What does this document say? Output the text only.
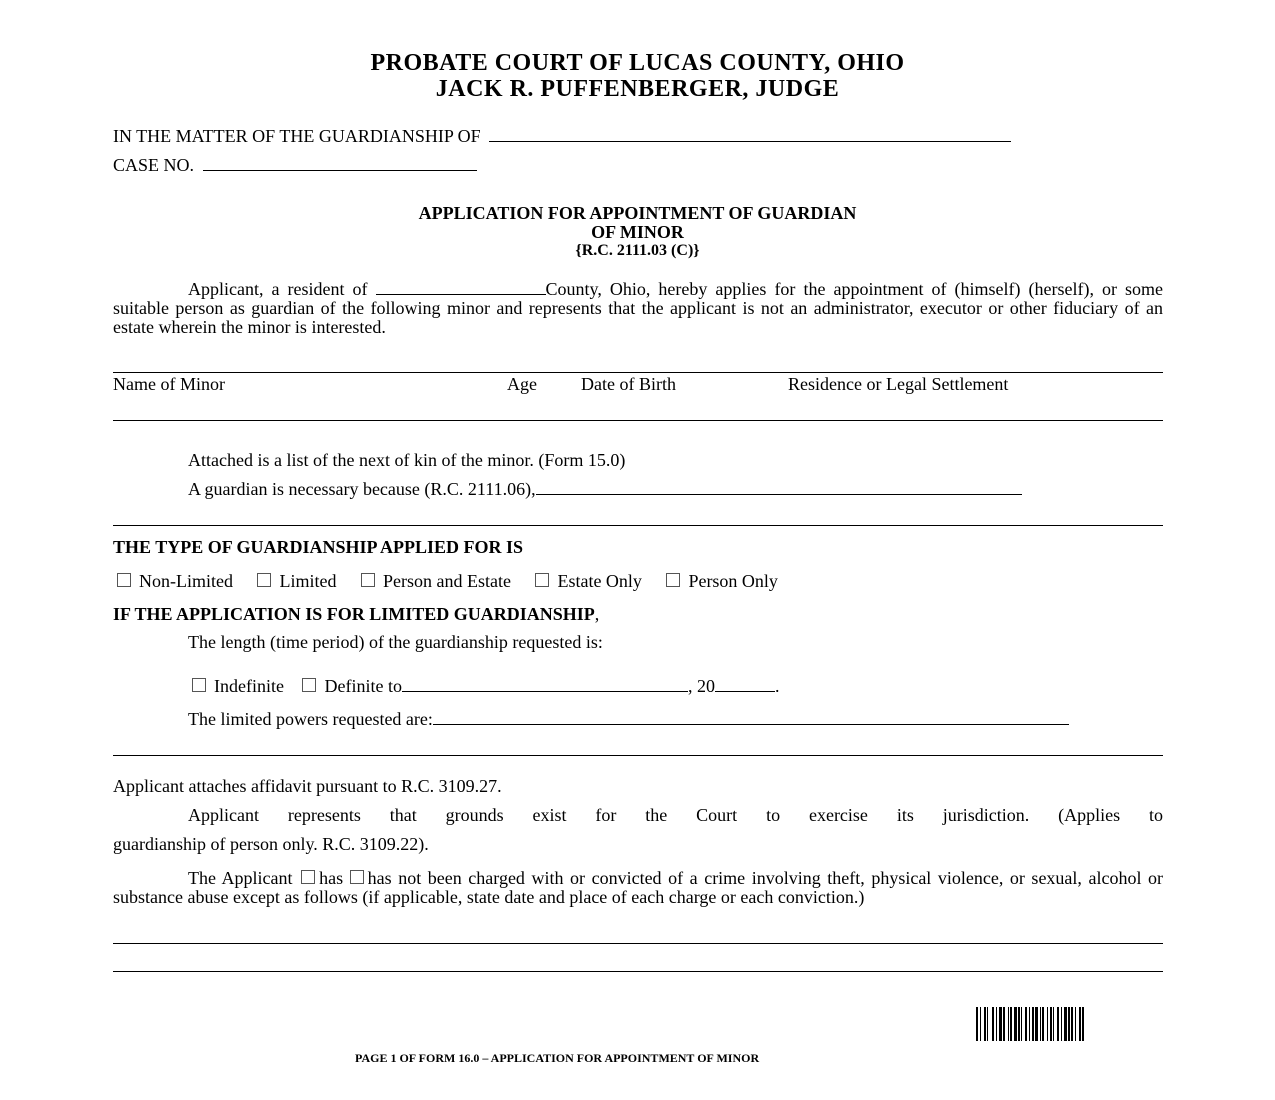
PROBATE COURT OF LUCAS COUNTY, OHIO
JACK R. PUFFENBERGER, JUDGE
IN THE MATTER OF THE GUARDIANSHIP OF
CASE NO.
APPLICATION FOR APPOINTMENT OF GUARDIAN
OF MINOR
{R.C. 2111.03 (C)}
Applicant, a resident of	County, Ohio, hereby applies for the appointment of (himself) (herself), or some suitable person as guardian of the following minor and represents that the applicant is not an administrator, executor or other fiduciary of an estate wherein the minor is interested.
Name of Minor	Age Date of Birth	Residence or Legal Settlement
Attached is a list of the next of kin of the minor. (Form 15.0)
A guardian is necessary because (R.C. 2111.06),
THE TYPE OF GUARDIANSHIP APPLIED FOR IS
Non-Limited	Limited	Person and Estate	Estate Only	Person Only
IF THE APPLICATION IS FOR LIMITED GUARDIANSHIP,
The length (time period) of the guardianship requested is:
Indefinite Definite to	, 20	.
The limited powers requested are:
Applicant attaches affidavit pursuant to R.C. 3109.27.
Applicant represents that grounds exist for the Court to exercise its jurisdiction. (Applies to
guardianship of person only. R.C. 3109.22).
The Applicant has has not been charged with or convicted of a crime involving theft, physical violence, or sexual, alcohol or substance abuse except as follows (if applicable, state date and place of each charge or each conviction.)
PAGE 1 OF FORM 16.0 – APPLICATION FOR APPOINTMENT OF MINOR
